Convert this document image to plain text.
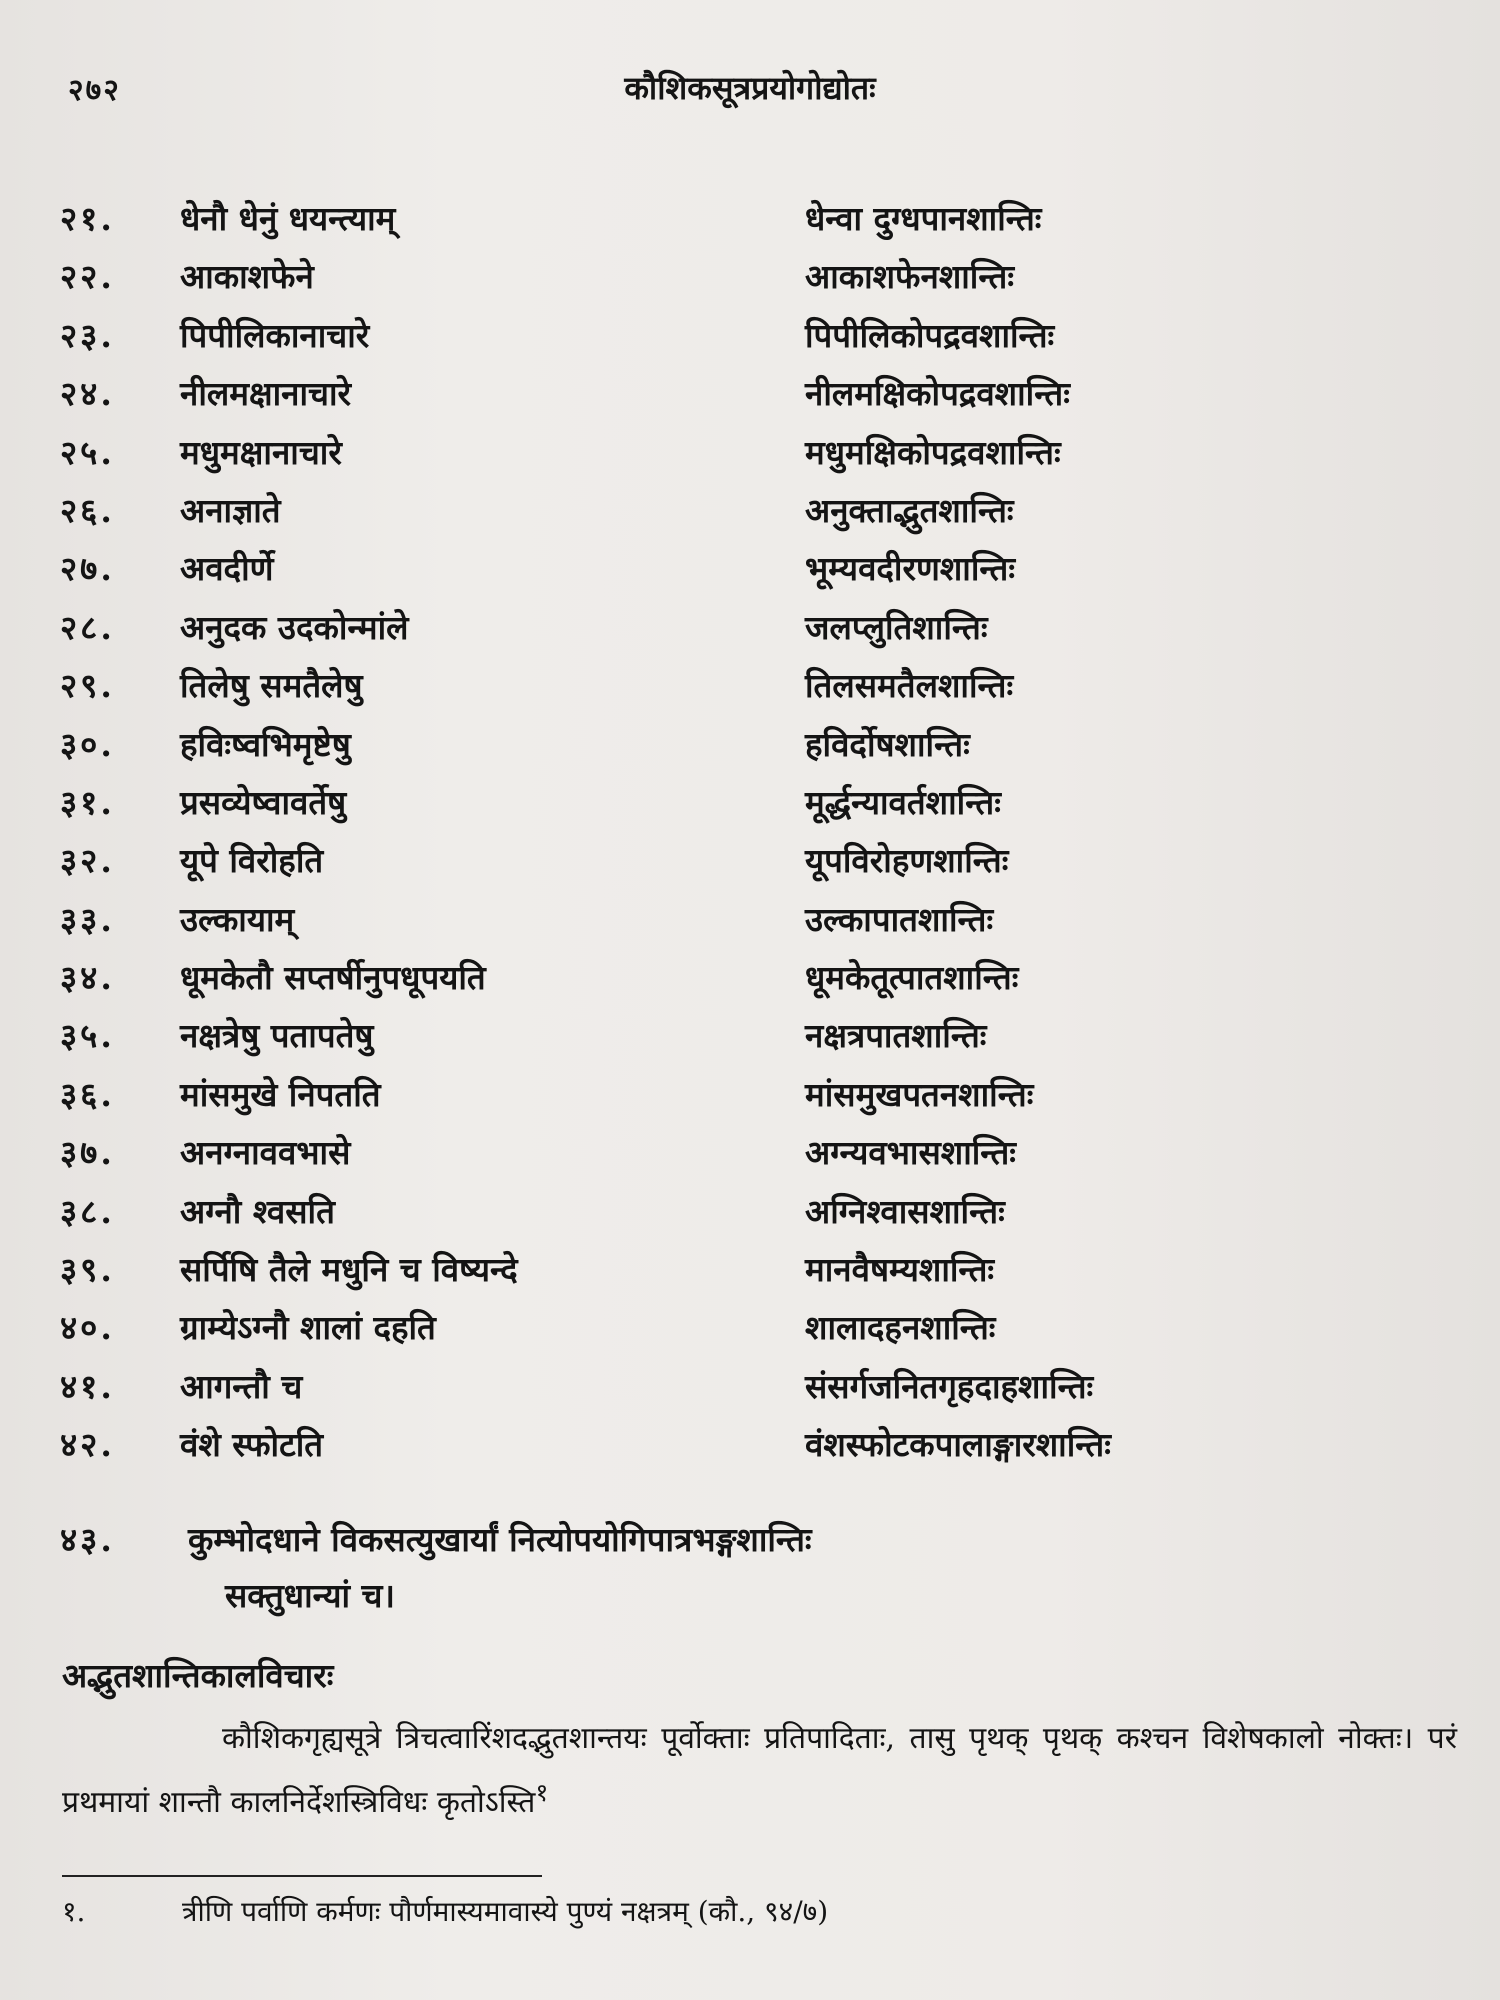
२७२	कौशिकसूत्रप्रयोगोद्योतः
२१.	धेनौ धेनुं धयन्त्याम्	धेन्वा दुग्धपानशान्तिः
२२.	आकाशफेने	आकाशफेनशान्तिः
२३.	पिपीलिकानाचारे	पिपीलिकोपद्रवशान्तिः
२४.	नीलमक्षानाचारे	नीलमक्षिकोपद्रवशान्तिः
२५.	मधुमक्षानाचारे	मधुमक्षिकोपद्रवशान्तिः
२६.	अनाज्ञाते	अनुक्ताद्भुतशान्तिः
२७.	अवदीर्णे	भूम्यवदीरणशान्तिः
२८.	अनुदक उदकोन्मांले	जलप्लुतिशान्तिः
२९.	तिलेषु समतैलेषु	तिलसमतैलशान्तिः
३०.	हविःष्वभिमृष्टेषु	हविर्दोषशान्तिः
३१.	प्रसव्येष्वावर्तेषु	मूर्द्धन्यावर्तशान्तिः
३२.	यूपे विरोहति	यूपविरोहणशान्तिः
३३.	उल्कायाम्	उल्कापातशान्तिः
३४.	धूमकेतौ सप्तर्षीनुपधूपयति	धूमकेतूत्पातशान्तिः
३५.	नक्षत्रेषु पतापतेषु	नक्षत्रपातशान्तिः
३६.	मांसमुखे निपतति	मांसमुखपतनशान्तिः
३७.	अनग्नाववभासे	अग्न्यवभासशान्तिः
३८.	अग्नौ श्वसति	अग्निश्वासशान्तिः
३९.	सर्पिषि तैले मधुनि च विष्यन्दे	मानवैषम्यशान्तिः
४०.	ग्राम्येऽग्नौ शालां दहति	शालादहनशान्तिः
४१.	आगन्तौ च	संसर्गजनितगृहदाहशान्तिः
४२.	वंशे स्फोटति	वंशस्फोटकपालाङ्गारशान्तिः
४३.	कुम्भोदधाने विकसत्युखार्यां नित्योपयोगिपात्रभङ्गशान्तिः
सक्तुधान्यां च।
अद्भुतशान्तिकालविचारः
कौशिकगृह्यसूत्रे त्रिचत्वारिंशदद्भुतशान्तयः पूर्वोक्ताः प्रतिपादिताः, तासु पृथक् पृथक् कश्चन विशेषकालो नोक्तः। परं प्रथमायां शान्तौ कालनिर्देशस्त्रिविधः कृतोऽस्ति$^१$
१.	त्रीणि पर्वाणि कर्मणः पौर्णमास्यमावास्ये पुण्यं नक्षत्रम् (कौ., ९४/७)
